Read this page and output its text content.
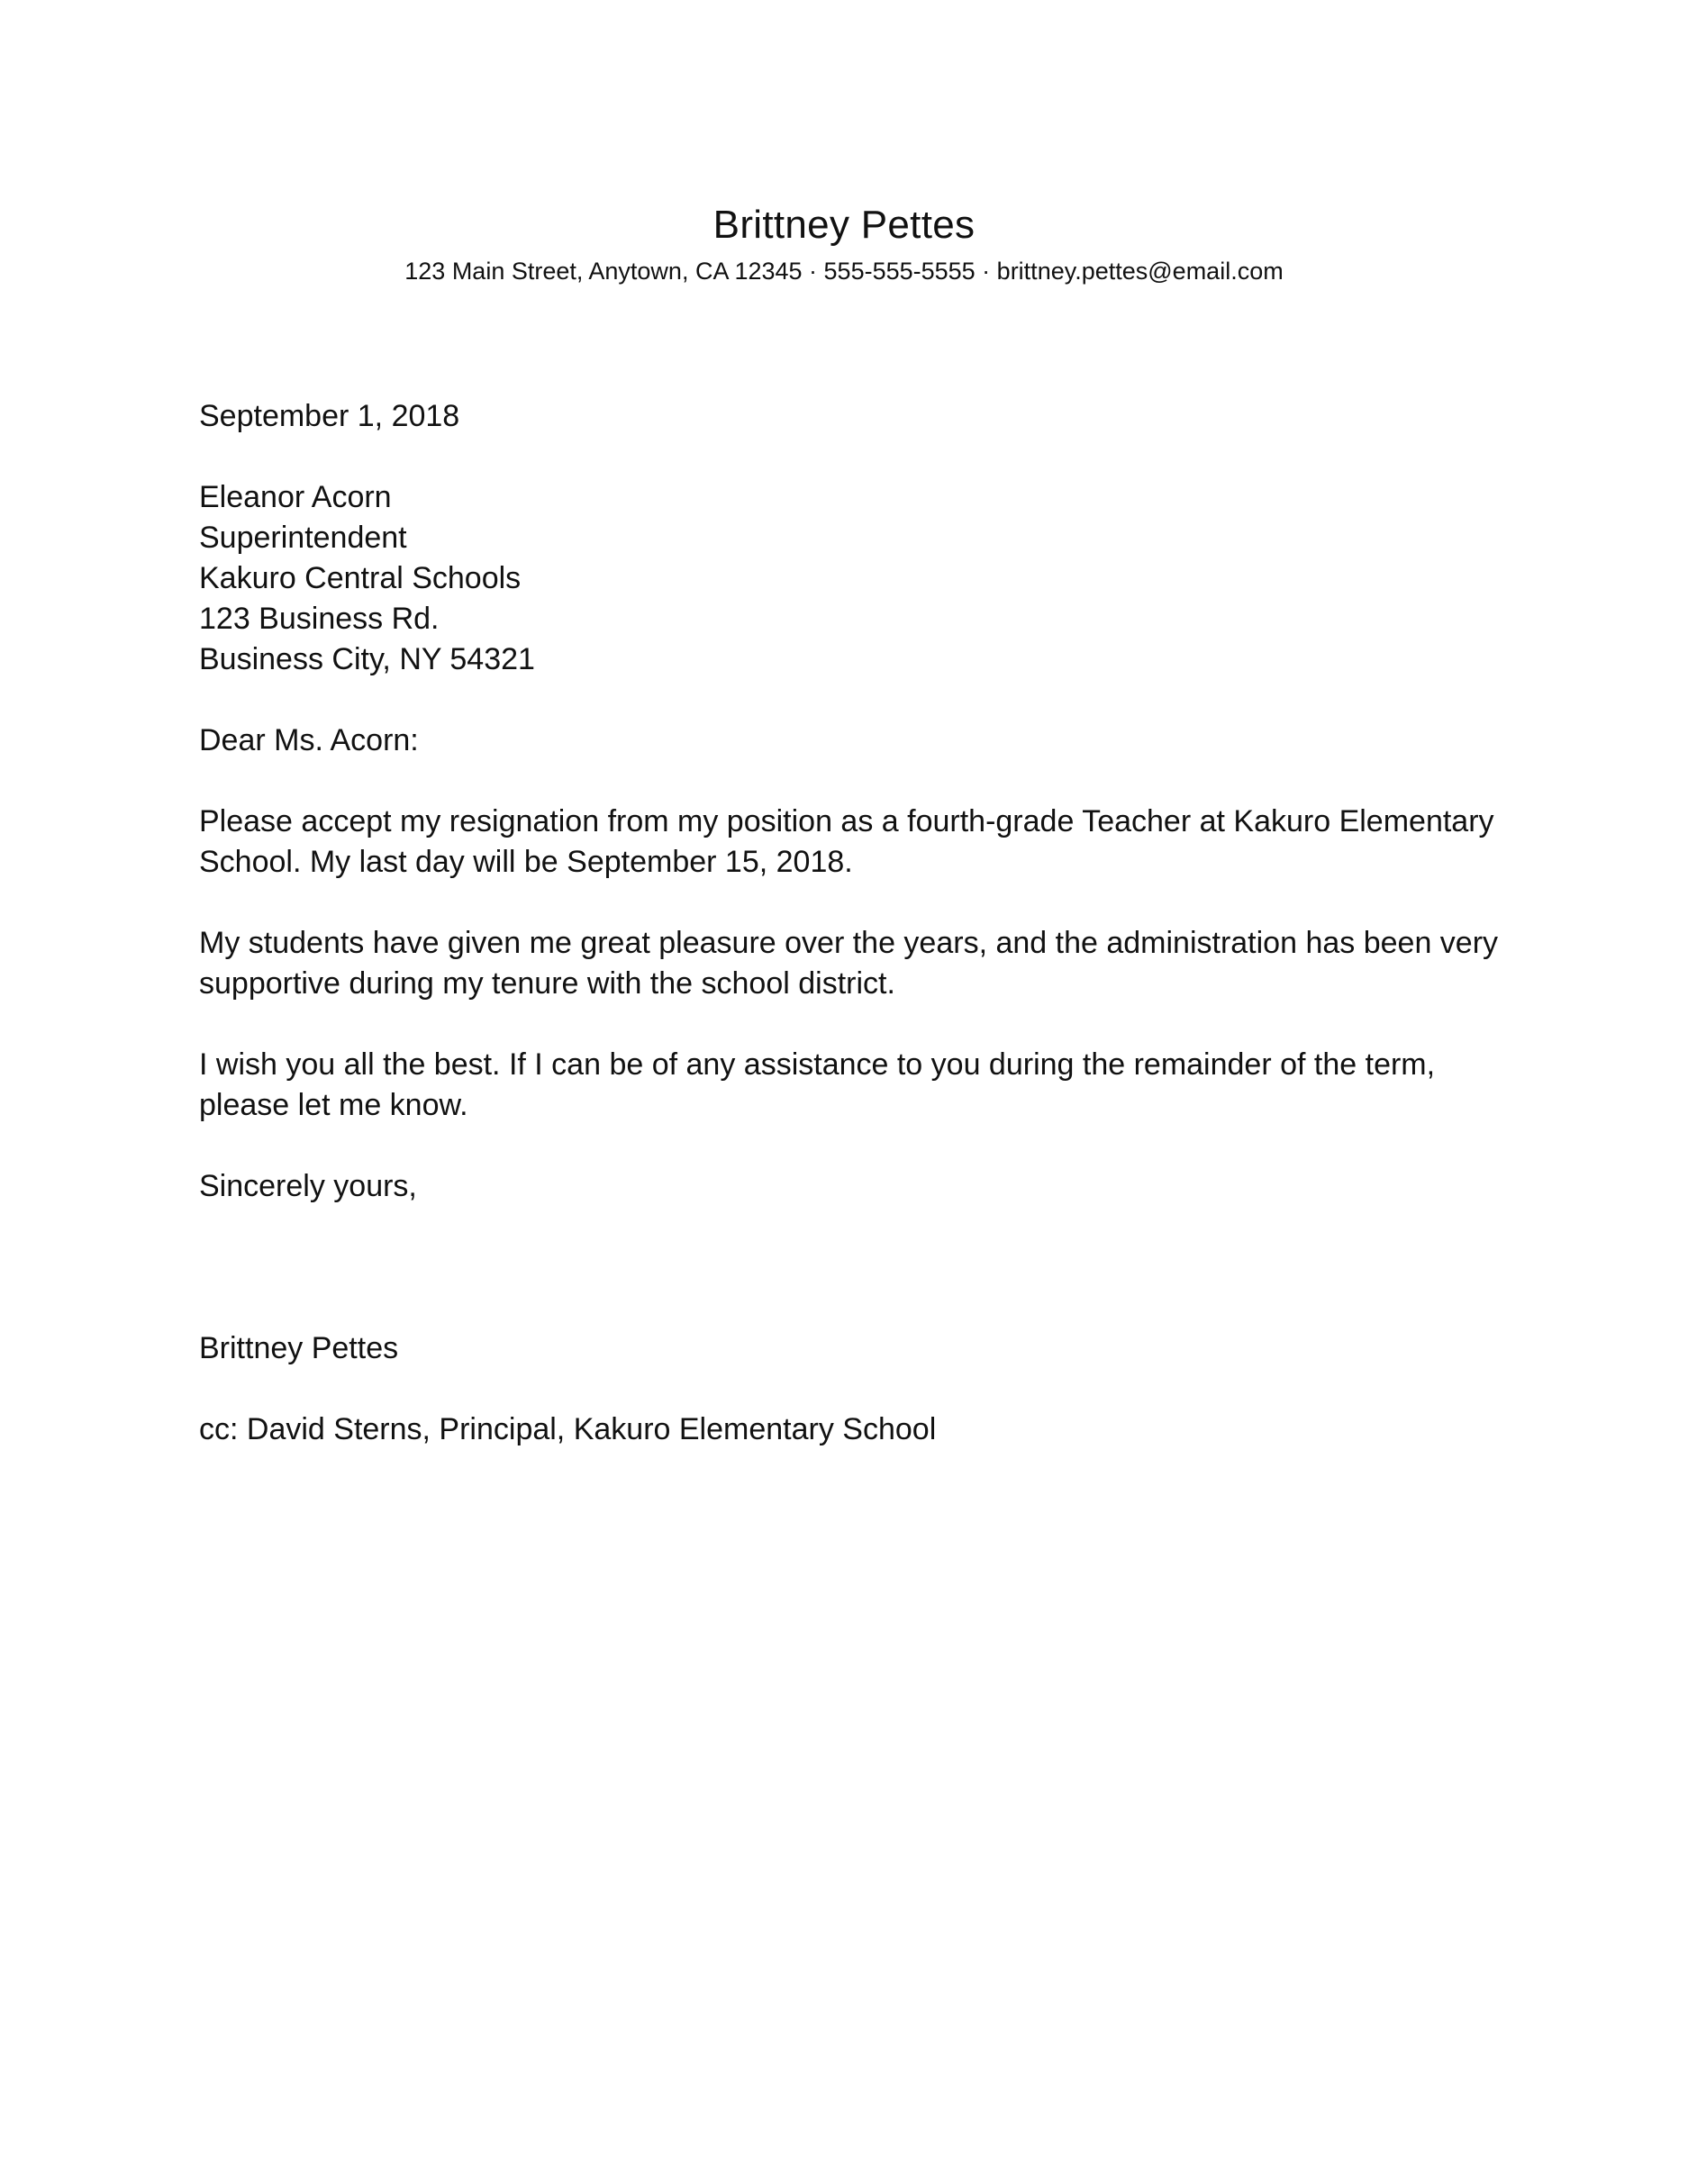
Brittney Pettes
123 Main Street, Anytown, CA 12345 · 555-555-5555 · brittney.pettes@email.com
September 1, 2018
Eleanor Acorn
Superintendent
Kakuro Central Schools
123 Business Rd.
Business City, NY 54321
Dear Ms. Acorn:
Please accept my resignation from my position as a fourth-grade Teacher at Kakuro Elementary
School. My last day will be September 15, 2018.
My students have given me great pleasure over the years, and the administration has been very
supportive during my tenure with the school district.
I wish you all the best. If I can be of any assistance to you during the remainder of the term,
please let me know.
Sincerely yours,
Brittney Pettes
cc: David Sterns, Principal, Kakuro Elementary School
